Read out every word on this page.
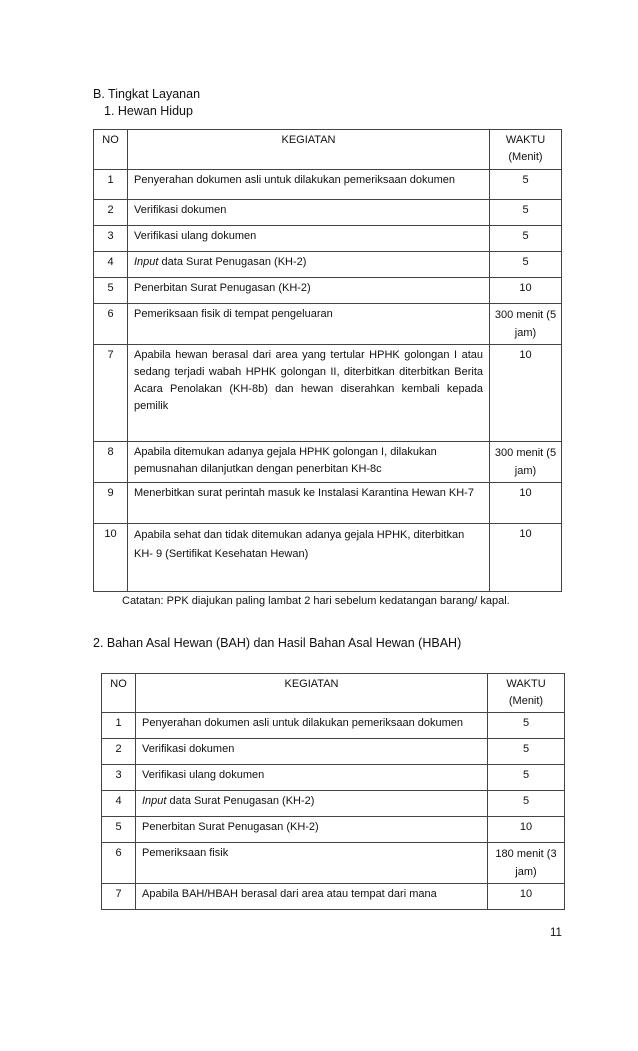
B. Tingkat Layanan
1. Hewan Hidup
NO	KEGIATAN	WAKTU
(Menit)
1	Penyerahan dokumen asli untuk dilakukan pemeriksaan dokumen	5
2	Verifikasi dokumen	5
3	Verifikasi ulang dokumen	5
4	Input data Surat Penugasan (KH-2)	5
5	Penerbitan Surat Penugasan (KH-2)	10
6	Pemeriksaan fisik di tempat pengeluaran	300 menit (5 jam)
7	Apabila hewan berasal dari area yang tertular HPHK golongan I atau sedang terjadi wabah HPHK golongan II, diterbitkan diterbitkan Berita Acara Penolakan (KH-8b) dan hewan diserahkan kembali kepada pemilik	10
8	Apabila ditemukan adanya gejala HPHK golongan I, dilakukan pemusnahan dilanjutkan dengan penerbitan KH-8c	300 menit (5 jam)
9	Menerbitkan surat perintah masuk ke Instalasi Karantina Hewan KH-7	10
10	Apabila sehat dan tidak ditemukan adanya gejala HPHK, diterbitkan KH- 9 (Sertifikat Kesehatan Hewan)	10
Catatan: PPK diajukan paling lambat 2 hari sebelum kedatangan barang/ kapal.
2. Bahan Asal Hewan (BAH) dan Hasil Bahan Asal Hewan (HBAH)
NO	KEGIATAN	WAKTU
(Menit)
1	Penyerahan dokumen asli untuk dilakukan pemeriksaan dokumen	5
2	Verifikasi dokumen	5
3	Verifikasi ulang dokumen	5
4	Input data Surat Penugasan (KH-2)	5
5	Penerbitan Surat Penugasan (KH-2)	10
6	Pemeriksaan fisik	180 menit (3 jam)
7	Apabila BAH/HBAH berasal dari area atau tempat dari mana	10
11
